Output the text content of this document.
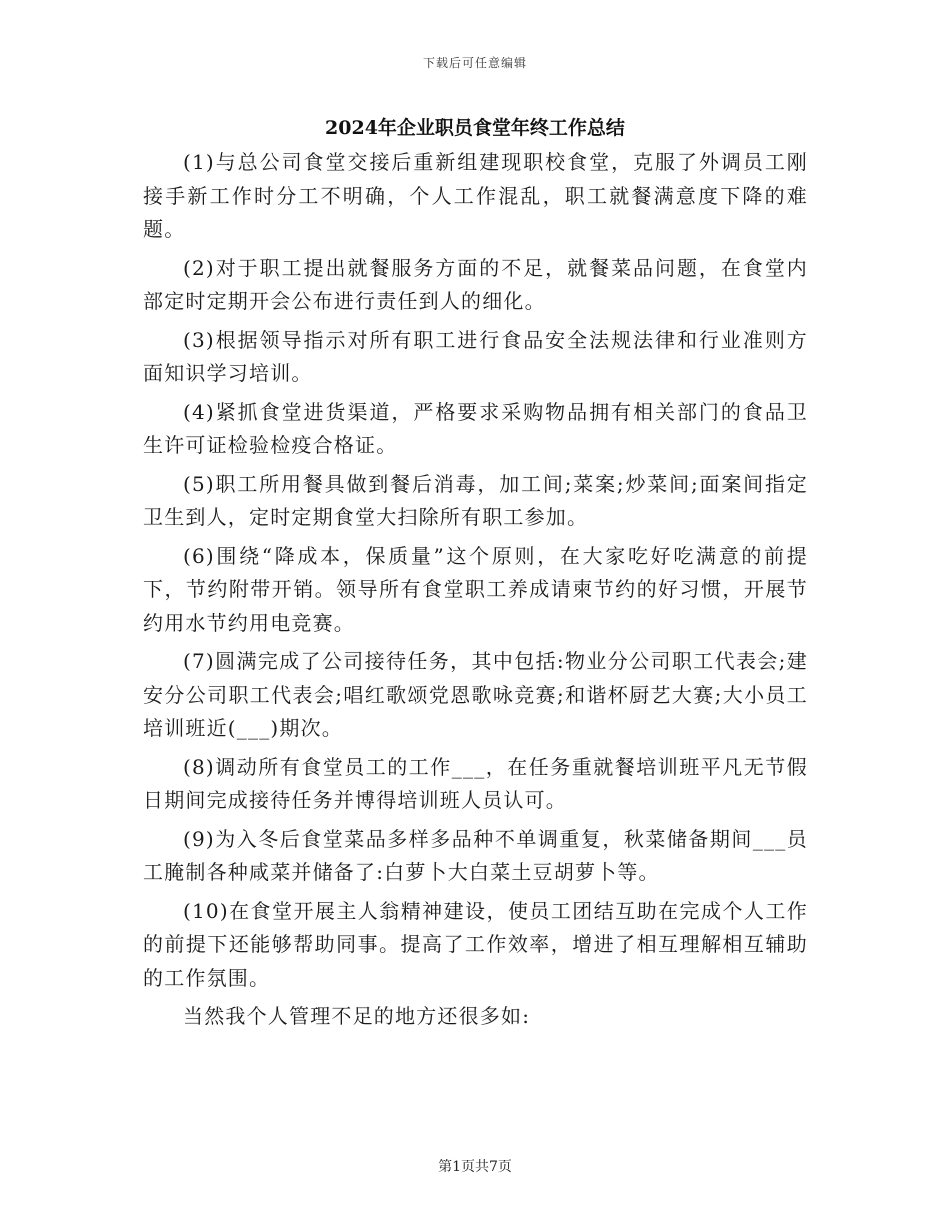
下载后可任意编辑
2024年企业职员食堂年终工作总结

(1)与总公司食堂交接后重新组建现职校食堂，克服了外调员工刚接手新工作时分工不明确，个人工作混乱，职工就餐满意度下降的难题。

(2)对于职工提出就餐服务方面的不足，就餐菜品问题，在食堂内部定时定期开会公布进行责任到人的细化。

(3)根据领导指示对所有职工进行食品安全法规法律和行业准则方面知识学习培训。

(4)紧抓食堂进货渠道，严格要求采购物品拥有相关部门的食品卫生许可证检验检疫合格证。

(5)职工所用餐具做到餐后消毒，加工间;菜案;炒菜间;面案间指定卫生到人，定时定期食堂大扫除所有职工参加。

(6)围绕“降成本，保质量”这个原则，在大家吃好吃满意的前提下，节约附带开销。领导所有食堂职工养成请柬节约的好习惯，开展节约用水节约用电竞赛。

(7)圆满完成了公司接待任务，其中包括:物业分公司职工代表会;建安分公司职工代表会;唱红歌颂党恩歌咏竞赛;和谐杯厨艺大赛;大小员工培训班近(___)期次。

(8)调动所有食堂员工的工作___，在任务重就餐培训班平凡无节假日期间完成接待任务并博得培训班人员认可。

(9)为入冬后食堂菜品多样多品种不单调重复，秋菜储备期间___员工腌制各种咸菜并储备了:白萝卜大白菜土豆胡萝卜等。

(10)在食堂开展主人翁精神建设，使员工团结互助在完成个人工作的前提下还能够帮助同事。提高了工作效率，增进了相互理解相互辅助的工作氛围。

当然我个人管理不足的地方还很多如:

第1页共7页
